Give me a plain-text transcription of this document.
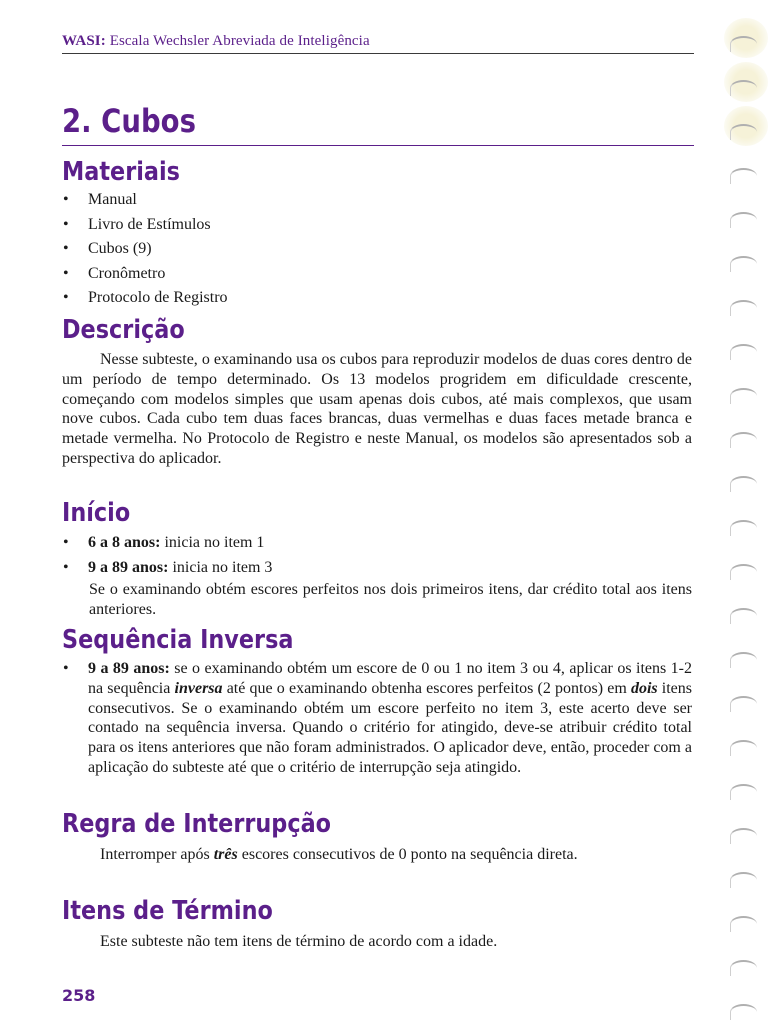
WASI: Escala Wechsler Abreviada de Inteligência
2. Cubos
Materiais
• Manual
• Livro de Estímulos
• Cubos (9)
• Cronômetro
• Protocolo de Registro
Descrição

Nesse subteste, o examinando usa os cubos para reproduzir modelos de duas cores dentro de um período de tempo determinado. Os 13 modelos progridem em dificuldade crescente, começando com modelos simples que usam apenas dois cubos, até mais complexos, que usam nove cubos. Cada cubo tem duas faces brancas, duas vermelhas e duas faces metade branca e metade vermelha. No Protocolo de Registro e neste Manual, os modelos são apresentados sob a perspectiva do aplicador.

Início
• 6 a 8 anos: inicia no item 1
• 9 a 89 anos: inicia no item 3

Se o examinando obtém escores perfeitos nos dois primeiros itens, dar crédito total aos itens anteriores.

Sequência Inversa
• 9 a 89 anos: se o examinando obtém um escore de 0 ou 1 no item 3 ou 4, aplicar os itens 1-2 na sequência inversa até que o examinando obtenha escores perfeitos (2 pontos) em dois itens consecutivos. Se o examinando obtém um escore perfeito no item 3, este acerto deve ser contado na sequência inversa. Quando o critério for atingido, deve-se atribuir crédito total para os itens anteriores que não foram administrados. O aplicador deve, então, proceder com a aplicação do subteste até que o critério de interrupção seja atingido.
Regra de Interrupção

Interromper após três escores consecutivos de 0 ponto na sequência direta.

Itens de Término

Este subteste não tem itens de término de acordo com a idade.

258
